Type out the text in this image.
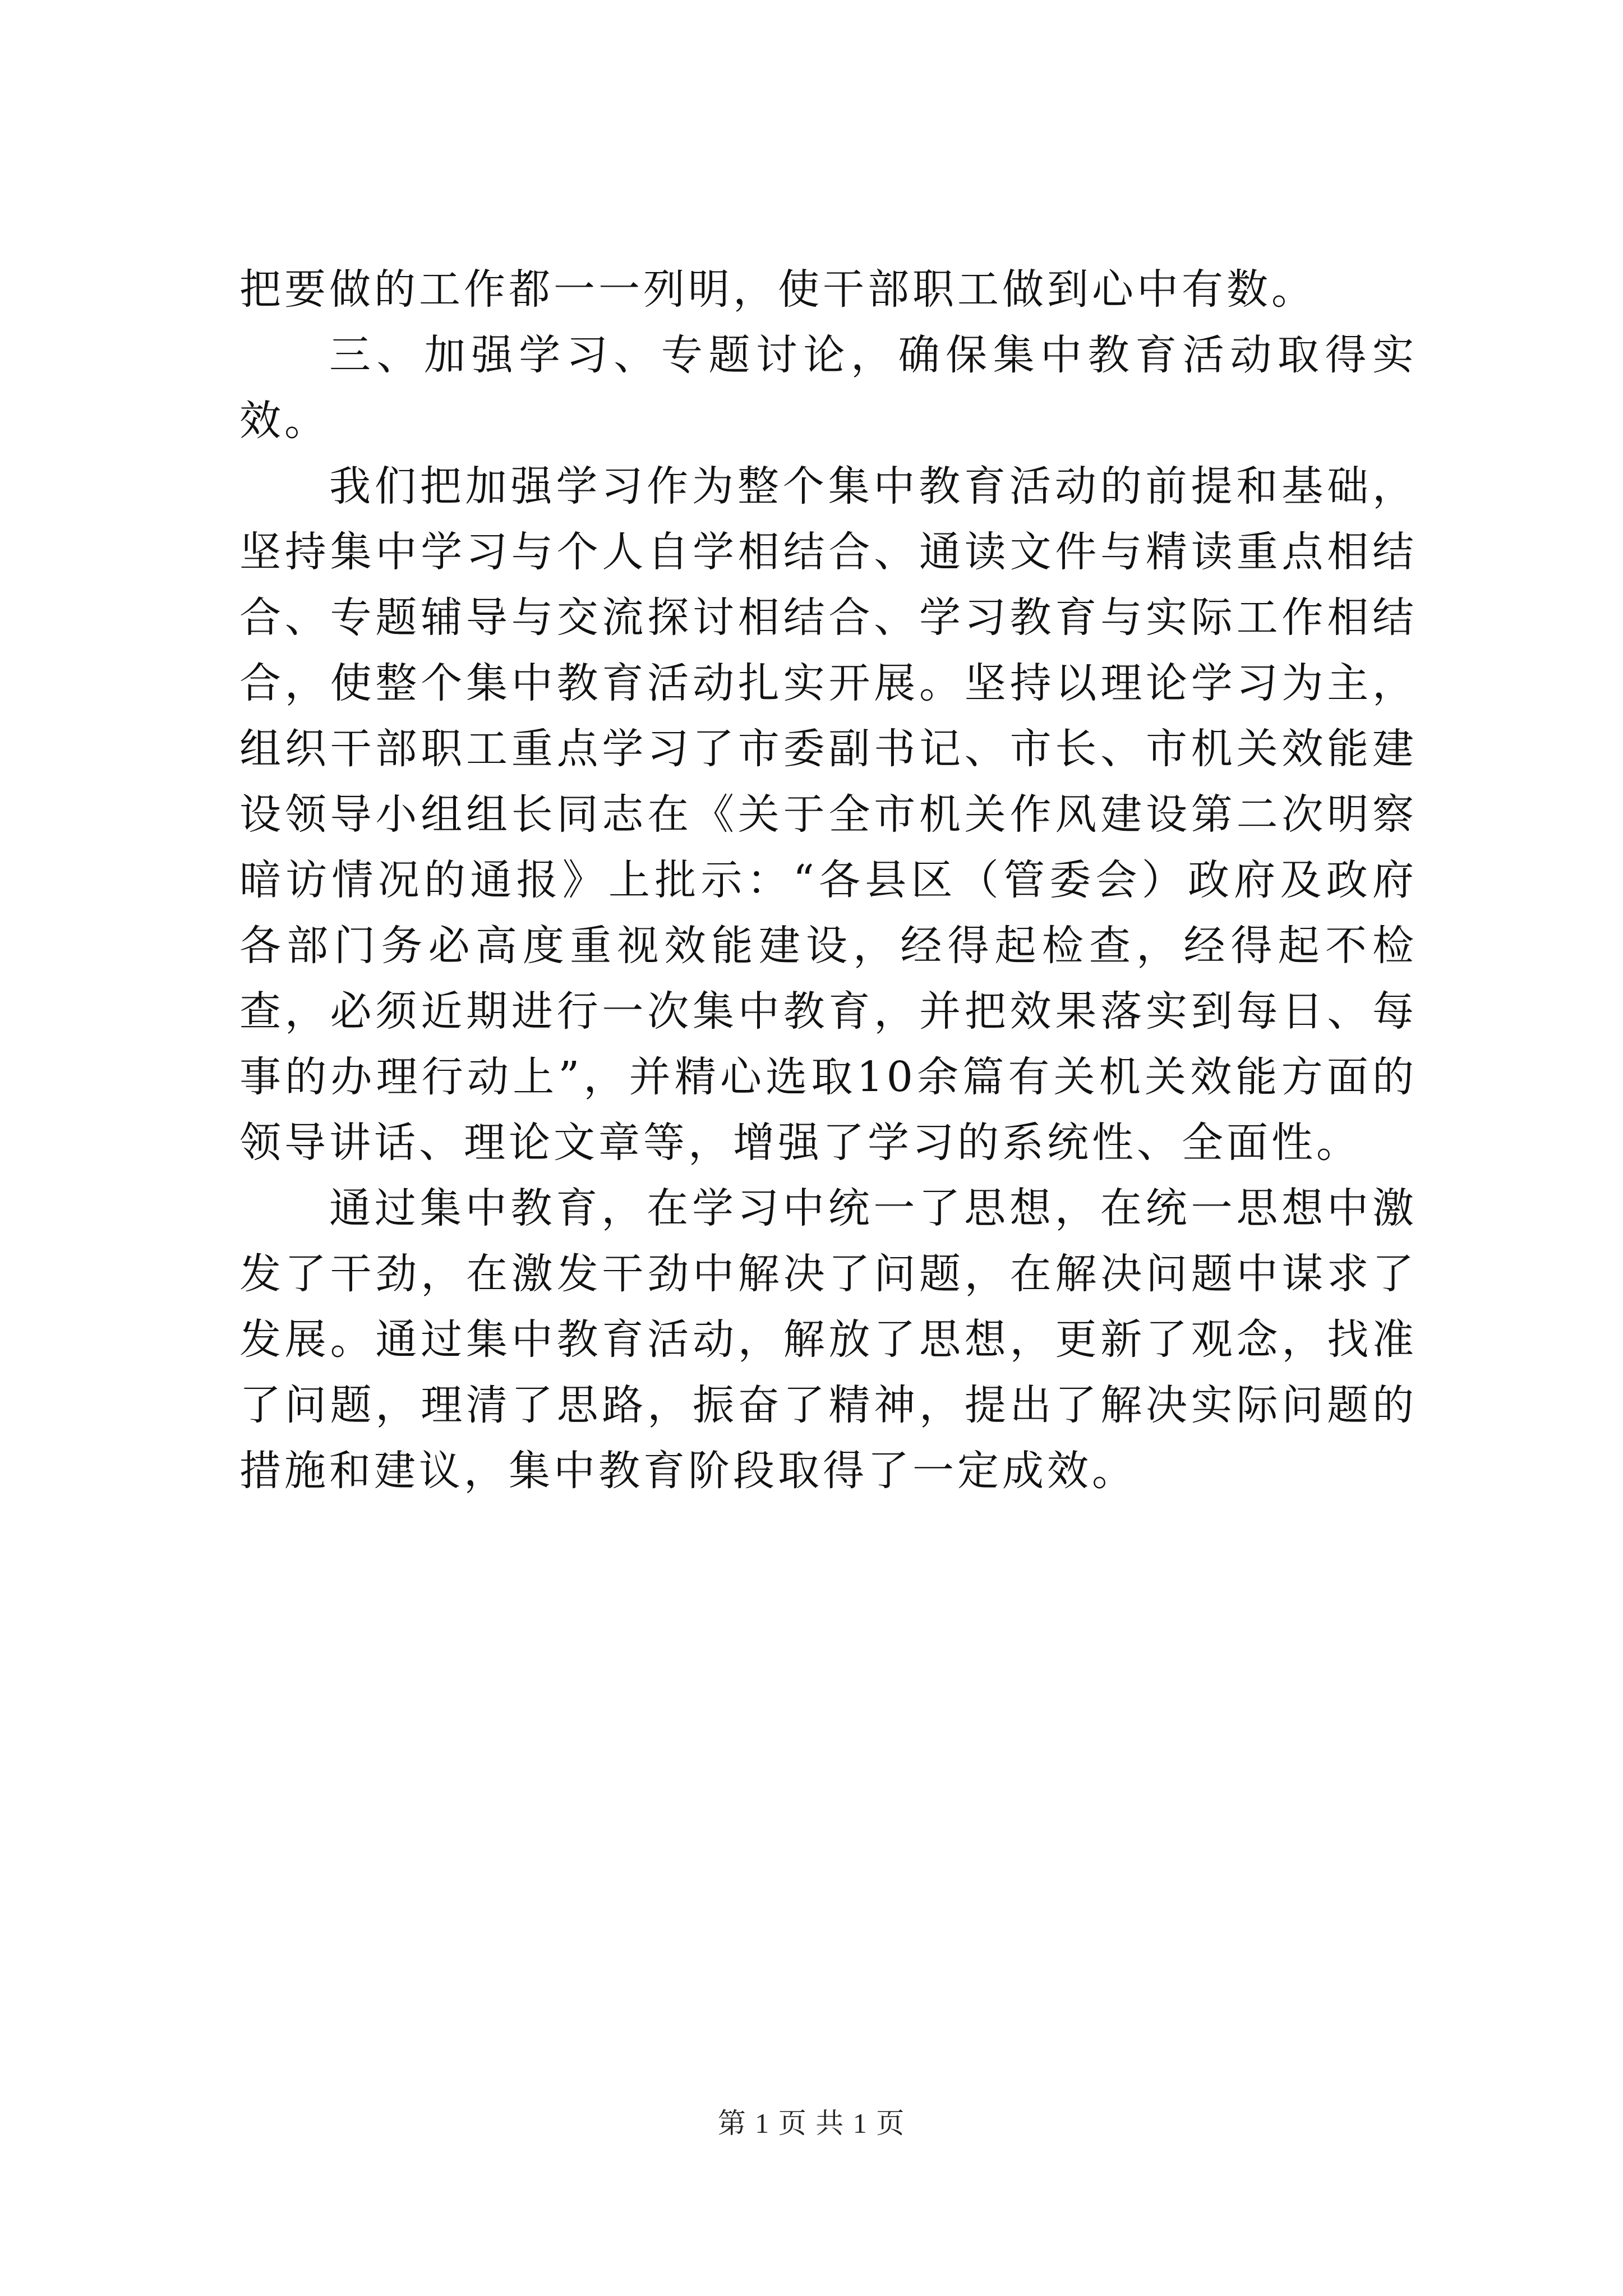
把要做的工作都一一列明，使干部职工做到心中有数。

三、加强学习、专题讨论，确保集中教育活动取得实效。

我们把加强学习作为整个集中教育活动的前提和基础，坚持集中学习与个人自学相结合、通读文件与精读重点相结合、专题辅导与交流探讨相结合、学习教育与实际工作相结合，使整个集中教育活动扎实开展。坚持以理论学习为主，组织干部职工重点学习了市委副书记、市长、市机关效能建设领导小组组长同志在《关于全市机关作风建设第二次明察暗访情况的通报》上批示：“各县区（管委会）政府及政府各部门务必高度重视效能建设，经得起检查，经得起不检查，必须近期进行一次集中教育，并把效果落实到每日、每事的办理行动上”，并精心选取10余篇有关机关效能方面的领导讲话、理论文章等，增强了学习的系统性、全面性。

通过集中教育，在学习中统一了思想，在统一思想中激发了干劲，在激发干劲中解决了问题，在解决问题中谋求了发展。通过集中教育活动，解放了思想，更新了观念，找准了问题，理清了思路，振奋了精神，提出了解决实际问题的措施和建议，集中教育阶段取得了一定成效。

第 1 页 共 1 页
